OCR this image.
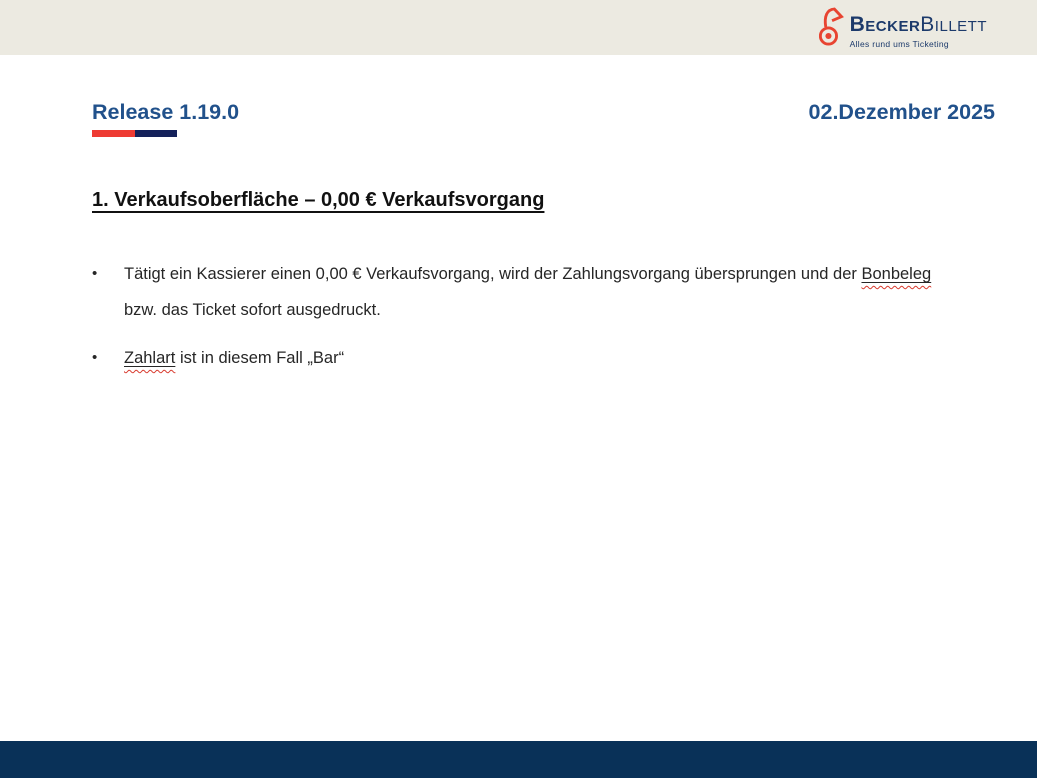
BeckerBillett
Alles rund ums Ticketing
Release 1.19.0	02.Dezember 2025
1. Verkaufsoberfläche – 0,00 € Verkaufsvorgang
•	Tätigt ein Kassierer einen 0,00 € Verkaufsvorgang, wird der Zahlungsvorgang übersprungen und der Bonbeleg bzw. das Ticket sofort ausgedruckt.
•	Zahlart ist in diesem Fall „Bar“
